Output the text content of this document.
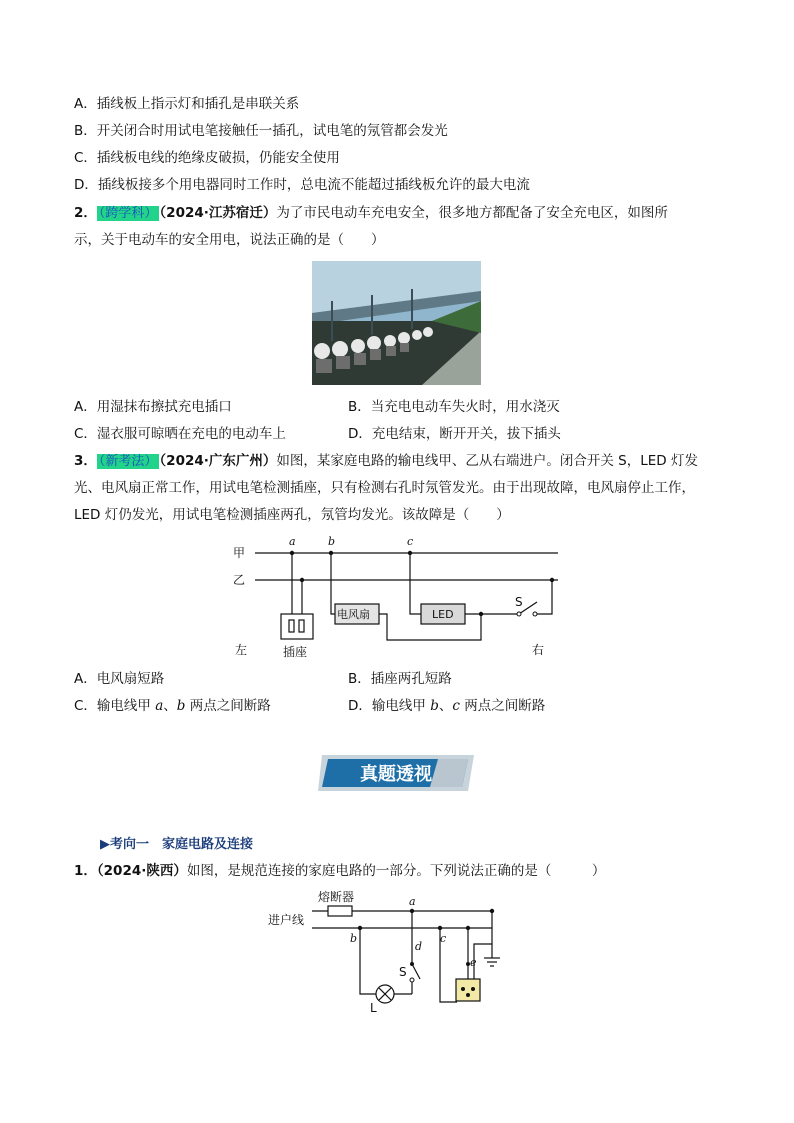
A．插线板上指示灯和插孔是串联关系
B．开关闭合时用试电笔接触任一插孔，试电笔的氖管都会发光
C．插线板电线的绝缘皮破损，仍能安全使用
D．插线板接多个用电器同时工作时，总电流不能超过插线板允许的最大电流
2． （跨学科） （2024·江苏宿迁）为了市民电动车充电安全，很多地方都配备了安全充电区，如图所
示，关于电动车的安全用电，说法正确的是（　　）
A．用湿抹布擦拭充电插口	B．当充电电动车失火时，用水浇灭
C．湿衣服可晾晒在充电的电动车上	D．充电结束，断开开关，拔下插头
3． （新考法） （2024·广东广州）如图，某家庭电路的输电线甲、乙从右端进户。闭合开关 S，LED 灯发
光、电风扇正常工作，用试电笔检测插座，只有检测右孔时氖管发光。由于出现故障，电风扇停止工作，
LED 灯仍发光，用试电笔检测插座两孔，氖管均发光。该故障是（　　）
甲
乙
电风扇	LED
S
插座
左	右
a	b	c
A．电风扇短路	B．插座两孔短路
C．输电线甲 a、b 两点之间断路	D．输电线甲 b、c 两点之间断路
真题透视
▶考向一　家庭电路及连接
1．（2024·陕西）如图，是规范连接的家庭电路的一部分。下列说法正确的是（　　　）
熔断器
进户线
S
L
a
b	c
d
e
